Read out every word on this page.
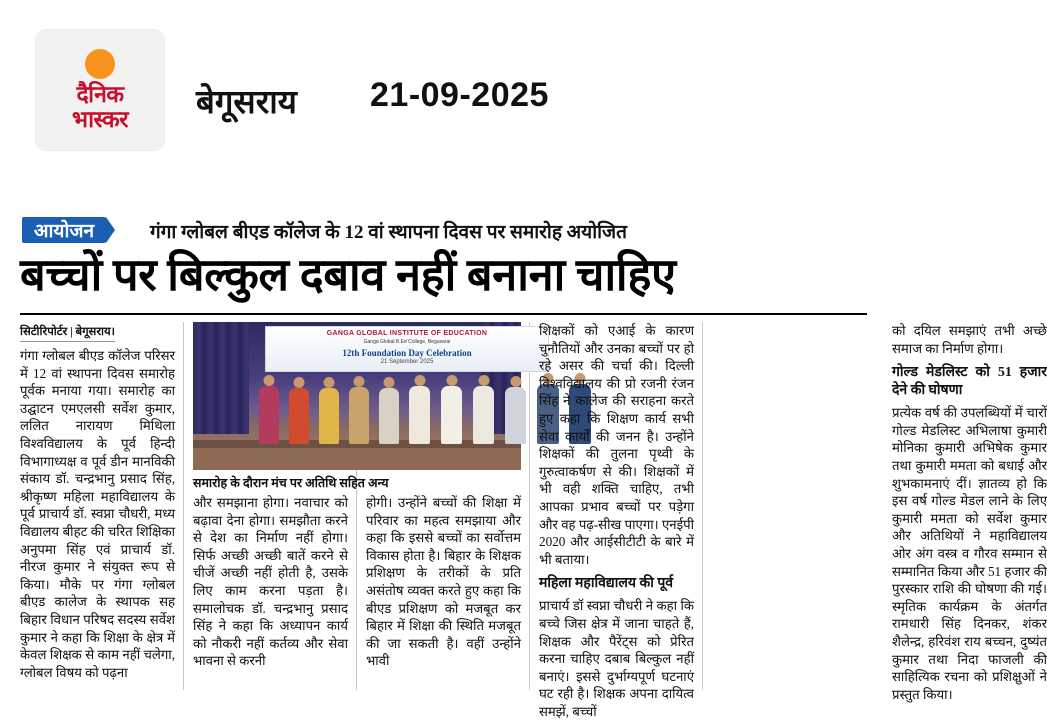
दैनिक
भास्कर बेगूसराय 21-09-2025
आयोजन	गंगा ग्लोबल बीएड कॉलेज के 12 वां स्थापना दिवस पर समारोह अयोजित
बच्चों पर बिल्कुल दबाव नहीं बनाना चाहिए
सिटीरिपोर्टर | बेगूसराय।

गंगा ग्लोबल बीएड कॉलेज परिसर में 12 वां स्थापना दिवस समारोह पूर्वक मनाया गया। समारोह का उद्घाटन एमएलसी सर्वेश कुमार, ललित नारायण मिथिला विश्वविद्यालय के पूर्व हिन्दी विभागाध्यक्ष व पूर्व डीन मानविकी संकाय डॉ. चन्द्रभानु प्रसाद सिंह, श्रीकृष्ण महिला महाविद्यालय के पूर्व प्राचार्य डॉ. स्वप्ना चौधरी, मध्य विद्यालय बीहट की चरित शिक्षिका अनुपमा सिंह एवं प्राचार्य डॉ. नीरज कुमार ने संयुक्त रूप से किया। मौके पर गंगा ग्लोबल बीएड कालेज के स्थापक सह बिहार विधान परिषद सदस्य सर्वेश कुमार ने कहा कि शिक्षा के क्षेत्र में केवल शिक्षक से काम नहीं चलेगा, ग्लोबल विषय को पढ़ना

GANGA GLOBAL INSTITUTE OF EDUCATION
Ganga Global B.Ed College, Begusarai
12th Foundation Day Celebration
21 September 2025
समारोह के दौरान मंच पर अतिथि सहित अन्य

और समझाना होगा। नवाचार को बढ़ावा देना होगा। समझौता करने से देश का निर्माण नहीं होगा। सिर्फ अच्छी अच्छी बातें करने से चीजें अच्छी नहीं होती है, उसके लिए काम करना पड़ता है। समालोचक डॉ. चन्द्रभानु प्रसाद सिंह ने कहा कि अध्यापन कार्य को नौकरी नहीं कर्तव्य और सेवा भावना से करनी

होगी। उन्होंने बच्चों की शिक्षा में परिवार का महत्व समझाया और कहा कि इससे बच्चों का सर्वोत्तम विकास होता है। बिहार के शिक्षक प्रशिक्षण के तरीकों के प्रति असंतोष व्यक्त करते हुए कहा कि बीएड प्रशिक्षण को मजबूत कर बिहार में शिक्षा की स्थिति मजबूत की जा सकती है। वहीं उन्होंने भावी

शिक्षकों को एआई के कारण चुनौतियों और उनका बच्चों पर हो रहे असर की चर्चा की। दिल्ली विश्वविद्यालय की प्रो रजनी रंजन सिंह ने कालेज की सराहना करते हुए कहा कि शिक्षण कार्य सभी सेवा कार्यों की जनन है। उन्होंने शिक्षकों की तुलना पृथ्वी के गुरुत्वाकर्षण से की। शिक्षकों में भी वही शक्ति चाहिए, तभी आपका प्रभाव बच्चों पर पड़ेगा और वह पढ़-सीख पाएगा। एनईपी 2020 और आईसीटीटी के बारे में भी बताया।

महिला महाविद्यालय की पूर्व

प्राचार्य डॉ स्वप्ना चौधरी ने कहा कि बच्चे जिस क्षेत्र में जाना चाहते हैं, शिक्षक और पैरेंट्स को प्रेरित करना चाहिए दबाब बिल्कुल नहीं बनाएं। इससे दुर्भाग्यपूर्ण घटनाएं घट रही है। शिक्षक अपना दायित्व समझें, बच्चों

को दयिल समझाएं तभी अच्छे समाज का निर्माण होगा।

गोल्ड मेडलिस्ट को 51 हजार देने की घोषणा

प्रत्येक वर्ष की उपलब्धियों में चारों गोल्ड मेडलिस्ट अभिलाषा कुमारी मोनिका कुमारी अभिषेक कुमार तथा कुमारी ममता को बधाई और शुभकामनाएं दीं। ज्ञातव्य हो कि इस वर्ष गोल्ड मेडल लाने के लिए कुमारी ममता को सर्वेश कुमार और अतिथियों ने महाविद्यालय ओर अंग वस्त्र व गौरव सम्मान से सम्मानित किया और 51 हजार की पुरस्कार राशि की घोषणा की गई। स्मृतिक कार्यक्रम के अंतर्गत रामधारी सिंह दिनकर, शंकर शैलेन्द्र, हरिवंश राय बच्चन, दुष्यंत कुमार तथा निदा फाजली की साहित्यिक रचना को प्रशिक्षुओं ने प्रस्तुत किया।
